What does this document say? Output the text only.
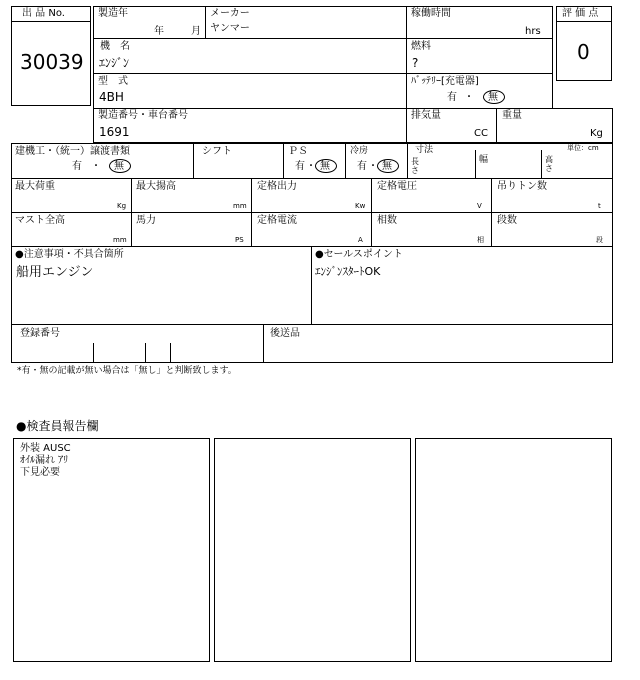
出 品 No.
30039
製造年
年	月
メーカー
ヤンマー
稼働時間
hrs
機　名
ｴﾝｼﾞﾝ
燃料
?
型　式
4BH
ﾊﾞｯﾃﾘｰ[充電器]
有 ・ 無
評 価 点
0
製造番号・車台番号
1691
排気量
CC
重量
Kg
建機工・（統一）譲渡書類
有 ・ 無
シフト	ＰＳ
有 ・ 無
冷房
有 ・ 無
寸法
長
さ
幅	高
さ
単位：cm
最大荷重
Kg
最大揚高
mm
定格出力
Kw
定格電圧
V
吊りトン数
t
マスト全高
mm
馬力
PS
定格電流
A
相数
相
段数
段
●注意事項・不具合箇所
船用エンジン
●セールスポイント
ｴﾝｼﾞﾝｽﾀｰﾄOK
登録番号	後送品
*有・無の記載が無い場合は「無し」と判断致します。
●検査員報告欄
外装 AUSC
ｵｲﾙ漏れ ｱﾘ
下見必要
